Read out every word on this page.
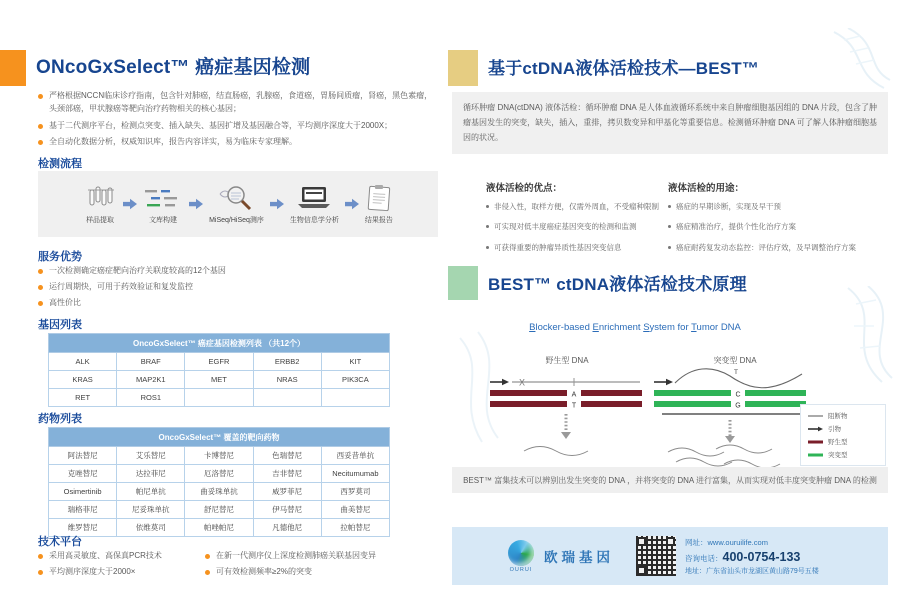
ONcoGxSelect™ 癌症基因检测
严格根据NCCN临床诊疗指南，包含针对肺癌，结直肠癌，乳腺癌，食道癌，胃肠间质瘤，肾癌，黑色素瘤，头颈部癌，甲状腺癌等靶向治疗药物相关的核心基因；
基于二代测序平台，检测点突变、插入缺失、基因扩增及基因融合等，平均测序深度大于2000X；
全自动化数据分析，权威知识库，报告内容详实，易为临床专家理解。
检测流程
样品提取	文库构建	MiSeq/HiSeq测序	生物信息学分析	结果报告
服务优势
一次检测确定癌症靶向治疗关联度较高的12个基因
运行周期快，可用于药效验证和复发监控
高性价比
基因列表
OncoGxSelect™ 癌症基因检测列表 （共12个）				
ALK	BRAF	EGFR	ERBB2	KIT
KRAS	MAP2K1	MET	NRAS	PIK3CA
RET	ROS1			
药物列表
OncoGxSelect™ 覆盖的靶向药物				
阿法替尼	艾乐替尼	卡博替尼	色瑞替尼	西妥昔单抗
克唑替尼	达拉菲尼	厄洛替尼	吉非替尼	Necitumumab
Osimertinib	帕尼单抗	曲妥珠单抗	威罗菲尼	西罗莫司
瑞格菲尼	尼妥珠单抗	舒尼替尼	伊马替尼	曲美替尼
维罗替尼	依维莫司	帕唑帕尼	凡德他尼	拉帕替尼
技术平台
采用高灵敏度、高保真PCR技术
平均测序深度大于2000×
在新一代测序仪上深度检测肺癌关联基因变异
可有效检测频率≥2%的突变
基于ctDNA液体活检技术—BEST™
循环肿瘤 DNA(ctDNA) 液体活检：循环肿瘤 DNA 是人体血液循环系统中来自肿瘤细胞基因组的 DNA 片段，包含了肿瘤基因发生的突变，缺失，插入，重排，拷贝数变异和甲基化等重要信息。检测循环肿瘤 DNA 可了解人体肿瘤细胞基因的状况。
液体活检的优点：
非侵入性，取样方便，仅需外周血，不受瘤种限制
可实现对低丰度癌症基因突变的检测和监测
可获得重要的肿瘤异质性基因突变信息
液体活检的用途：
癌症的早期诊断，实现及早干预
癌症精准治疗，提供个性化治疗方案
癌症耐药复发动态监控：评估疗效，及早调整治疗方案
BEST™ ctDNA液体活检技术原理
Blocker-based Enrichment System for Tumor DNA
野生型 DNA
X
A
T
突变型 DNA
T
C
G
阻断物
引物
野生型
突变型
BEST™ 富集技术可以辨别出发生突变的 DNA ，并将突变的 DNA 进行富集，从而实现对低丰度突变肿瘤 DNA 的检测
OURUI
欧瑞基因
网址：www.ouruilife.com
咨询电话：400-0754-133
地址：广东省汕头市龙湖区黄山路79号五楼
